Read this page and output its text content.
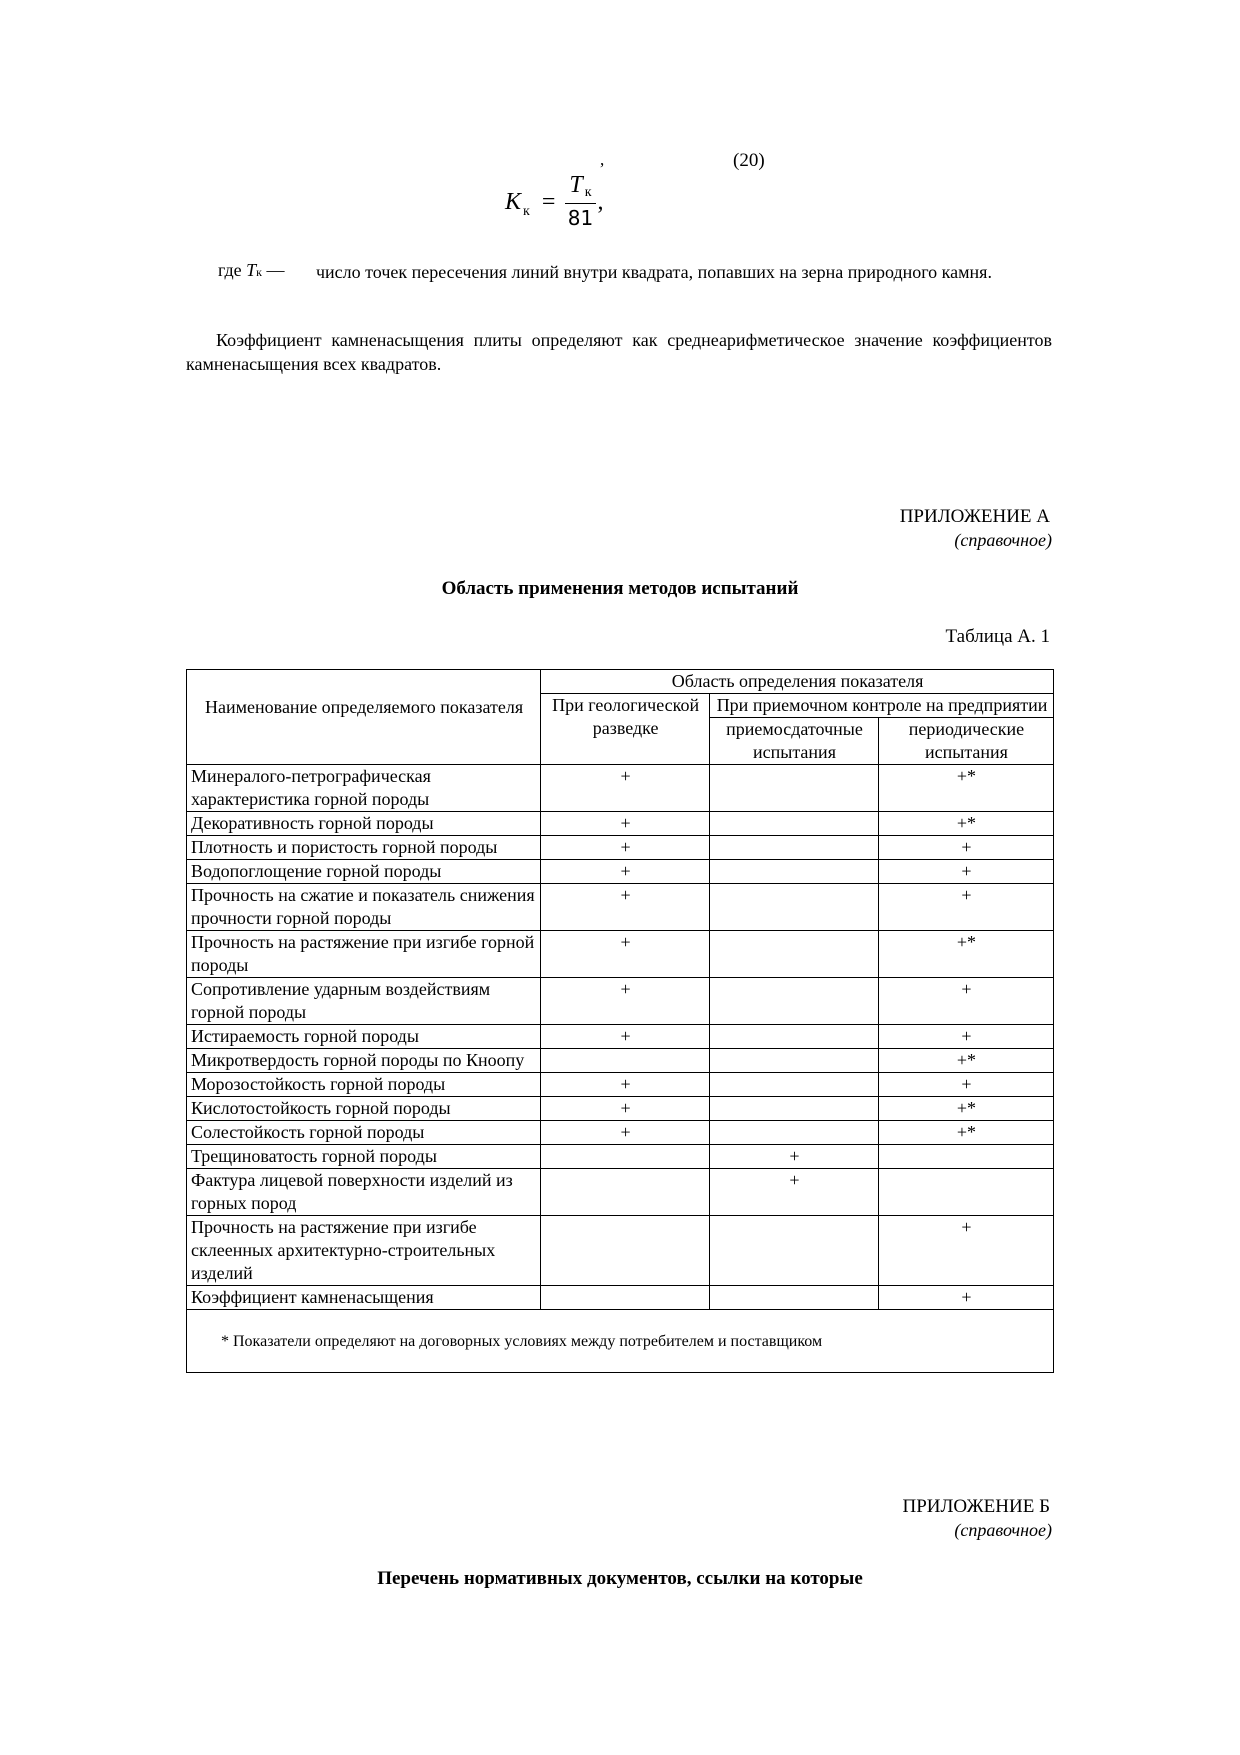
,	(20)
K $_к = \frac{\text{T к}}{81}$ ,
где Tк — число точек пересечения линий внутри квадрата, попавших на зерна природного камня.
Коэффициент камненасыщения плиты определяют как среднеарифметическое значение коэффициентов камненасыщения всех квадратов.
ПРИЛОЖЕНИЕ А
(справочное)
Область применения методов испытаний
Таблица А. 1
Наименование определяемого показателя	Область определения показателя		
	При геологической разведке	При приемочном контроле на предприятии	
		приемосдаточные испытания	периодические испытания
Минералого-петрографическая характеристика горной породы	+		+*
Декоративность горной породы	+		+*
Плотность и пористость горной породы	+		+
Водопоглощение горной породы	+		+
Прочность на сжатие и показатель снижения прочности горной породы	+		+
Прочность на растяжение при изгибе горной породы	+		+*
Сопротивление ударным воздействиям горной породы	+		+
Истираемость горной породы	+		+
Микротвердость горной породы по Кноопу			+*
Морозостойкость горной породы	+		+
Кислотостойкость горной породы	+		+*
Солестойкость горной породы	+		+*
Трещиноватость горной породы		+	
Фактура лицевой поверхности изделий из горных пород		+	
Прочность на растяжение при изгибе склеенных архитектурно-строительных изделий			+
Коэффициент камненасыщения			+
* Показатели определяют на договорных условиях между потребителем и поставщиком			
ПРИЛОЖЕНИЕ Б
(справочное)
Перечень нормативных документов, ссылки на которые
